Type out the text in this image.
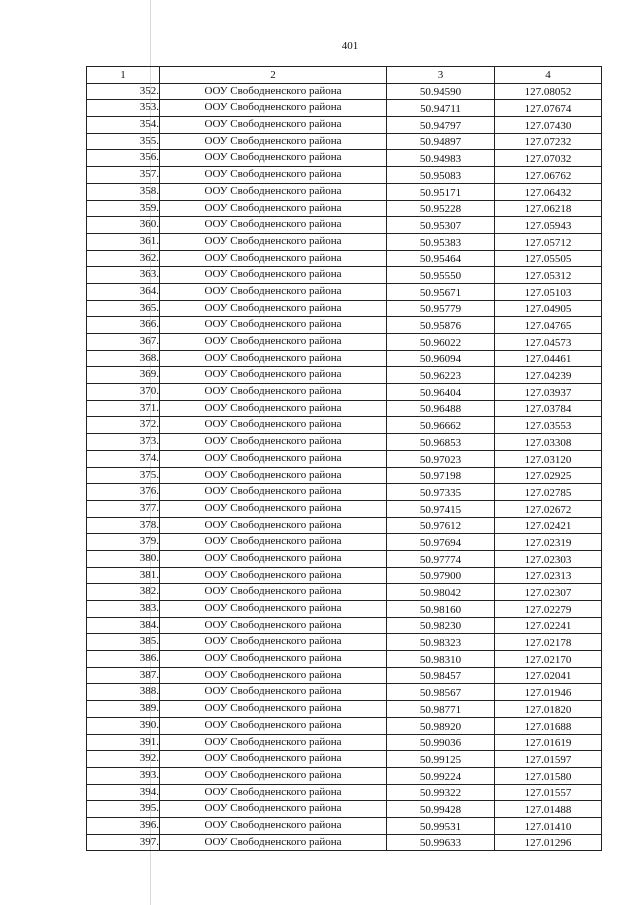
401
1	2	3	4
352.	ООУ Свободненского района	50.94590	127.08052
353.	ООУ Свободненского района	50.94711	127.07674
354.	ООУ Свободненского района	50.94797	127.07430
355.	ООУ Свободненского района	50.94897	127.07232
356.	ООУ Свободненского района	50.94983	127.07032
357.	ООУ Свободненского района	50.95083	127.06762
358.	ООУ Свободненского района	50.95171	127.06432
359.	ООУ Свободненского района	50.95228	127.06218
360.	ООУ Свободненского района	50.95307	127.05943
361.	ООУ Свободненского района	50.95383	127.05712
362.	ООУ Свободненского района	50.95464	127.05505
363.	ООУ Свободненского района	50.95550	127.05312
364.	ООУ Свободненского района	50.95671	127.05103
365.	ООУ Свободненского района	50.95779	127.04905
366.	ООУ Свободненского района	50.95876	127.04765
367.	ООУ Свободненского района	50.96022	127.04573
368.	ООУ Свободненского района	50.96094	127.04461
369.	ООУ Свободненского района	50.96223	127.04239
370.	ООУ Свободненского района	50.96404	127.03937
371.	ООУ Свободненского района	50.96488	127.03784
372.	ООУ Свободненского района	50.96662	127.03553
373.	ООУ Свободненского района	50.96853	127.03308
374.	ООУ Свободненского района	50.97023	127.03120
375.	ООУ Свободненского района	50.97198	127.02925
376.	ООУ Свободненского района	50.97335	127.02785
377.	ООУ Свободненского района	50.97415	127.02672
378.	ООУ Свободненского района	50.97612	127.02421
379.	ООУ Свободненского района	50.97694	127.02319
380.	ООУ Свободненского района	50.97774	127.02303
381.	ООУ Свободненского района	50.97900	127.02313
382.	ООУ Свободненского района	50.98042	127.02307
383.	ООУ Свободненского района	50.98160	127.02279
384.	ООУ Свободненского района	50.98230	127.02241
385.	ООУ Свободненского района	50.98323	127.02178
386.	ООУ Свободненского района	50.98310	127.02170
387.	ООУ Свободненского района	50.98457	127.02041
388.	ООУ Свободненского района	50.98567	127.01946
389.	ООУ Свободненского района	50.98771	127.01820
390.	ООУ Свободненского района	50.98920	127.01688
391.	ООУ Свободненского района	50.99036	127.01619
392.	ООУ Свободненского района	50.99125	127.01597
393.	ООУ Свободненского района	50.99224	127.01580
394.	ООУ Свободненского района	50.99322	127.01557
395.	ООУ Свободненского района	50.99428	127.01488
396.	ООУ Свободненского района	50.99531	127.01410
397.	ООУ Свободненского района	50.99633	127.01296
